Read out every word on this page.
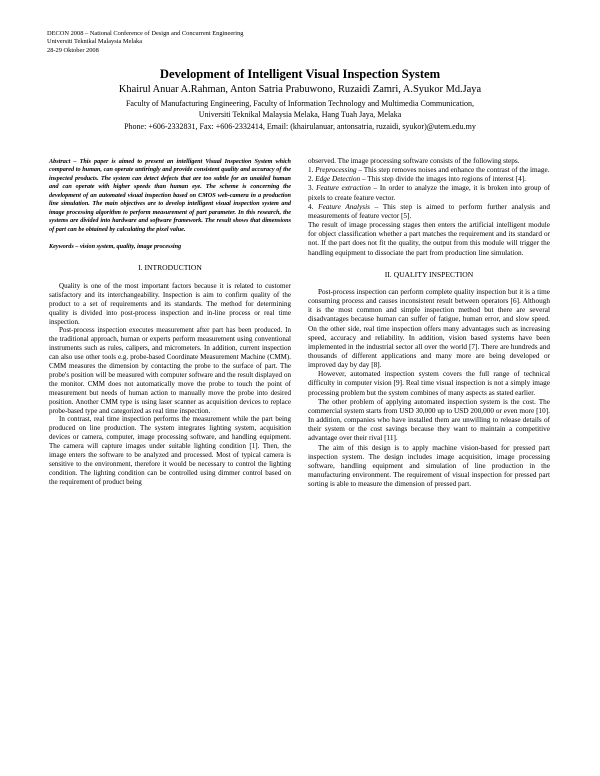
DECON 2008 – National Conference of Design and Concurrent Engineering
Universiti Teknikal Malaysia Melaka
28-29 Oktober 2008
Development of Intelligent Visual Inspection System
Khairul Anuar A.Rahman, Anton Satria Prabuwono, Ruzaidi Zamri, A.Syukor Md.Jaya
Faculty of Manufacturing Engineering, Faculty of Information Technology and Multimedia Communication,
Universiti Teknikal Malaysia Melaka, Hang Tuah Jaya, Melaka
Phone: +606-2332831, Fax: +606-2332414, Email: (khairulanuar, antonsatria, ruzaidi, syukor)@utem.edu.my

Abstract – This paper is aimed to present an intelligent Visual Inspection System which compared to human, can operate untiringly and provide consistent quality and accuracy of the inspected products. The system can detect defects that are too subtle for an unaided human and can operate with higher speeds than human eye. The scheme is concerning the development of an automated visual inspection based on CMOS web-camera in a production line simulation. The main objectives are to develop intelligent visual inspection system and image processing algorithm to perform measurement of part parameter. In this research, the systems are divided into hardware and software framework. The result shows that dimensions of part can be obtained by calculating the pixel value.

Keywords – vision system, quality, image processing

I. INTRODUCTION

Quality is one of the most important factors because it is related to customer satisfactory and its interchangeability. Inspection is aim to confirm quality of the product to a set of requirements and its standards. The method for determining quality is divided into post-process inspection and in-line process or real time inspection.

Post-process inspection executes measurement after part has been produced. In the traditional approach, human or experts perform measurement using conventional instruments such as rules, calipers, and micrometers. In addition, current inspection can also use other tools e.g. probe-based Coordinate Measurement Machine (CMM). CMM measures the dimension by contacting the probe to the surface of part. The probe's position will be measured with computer software and the result displayed on the monitor. CMM does not automatically move the probe to touch the point of measurement but needs of human action to manually move the probe into desired position. Another CMM type is using laser scanner as acquisition devices to replace probe-based type and categorized as real time inspection.

In contrast, real time inspection performs the measurement while the part being produced on line production. The system integrates lighting system, acquisition devices or camera, computer, image processing software, and handling equipment. The camera will capture images under suitable lighting condition [1]. Then, the image enters the software to be analyzed and processed. Most of typical camera is sensitive to the environment, therefore it would be necessary to control the lighting condition. The lighting condition can be controlled using dimmer control based on the requirement of product being

observed. The image processing software consists of the following steps.

1. Preprocessing – This step removes noises and enhance the contrast of the image.

2. Edge Detection – This step divide the images into regions of interest [4].

3. Feature extraction – In order to analyze the image, it is broken into group of pixels to create feature vector.

4. Feature Analysis – This step is aimed to perform further analysis and measurements of feature vector [5].

The result of image processing stages then enters the artificial intelligent module for object classification whether a part matches the requirement and its standard or not. If the part does not fit the quality, the output from this module will trigger the handling equipment to dissociate the part from production line simulation.

II. QUALITY INSPECTION

Post-process inspection can perform complete quality inspection but it is a time consuming process and causes inconsistent result between operators [6]. Although it is the most common and simple inspection method but there are several disadvantages because human can suffer of fatigue, human error, and slow speed. On the other side, real time inspection offers many advantages such as increasing speed, accuracy and reliability. In addition, vision based systems have been implemented in the industrial sector all over the world [7]. There are hundreds and thousands of different applications and many more are being developed or improved day by day [8].

However, automated inspection system covers the full range of technical difficulty in computer vision [9]. Real time visual inspection is not a simply image processing problem but the system combines of many aspects as stated earlier.

The other problem of applying automated inspection system is the cost. The commercial system starts from USD 30,000 up to USD 200,000 or even more [10]. In addition, companies who have installed them are unwilling to release details of their system or the cost savings because they want to maintain a competitive advantage over their rival [11].

The aim of this design is to apply machine vision-based for pressed part inspection system. The design includes image acquisition, image processing software, handling equipment and simulation of line production in the manufacturing environment. The requirement of visual inspection for pressed part sorting is able to measure the dimension of pressed part.
